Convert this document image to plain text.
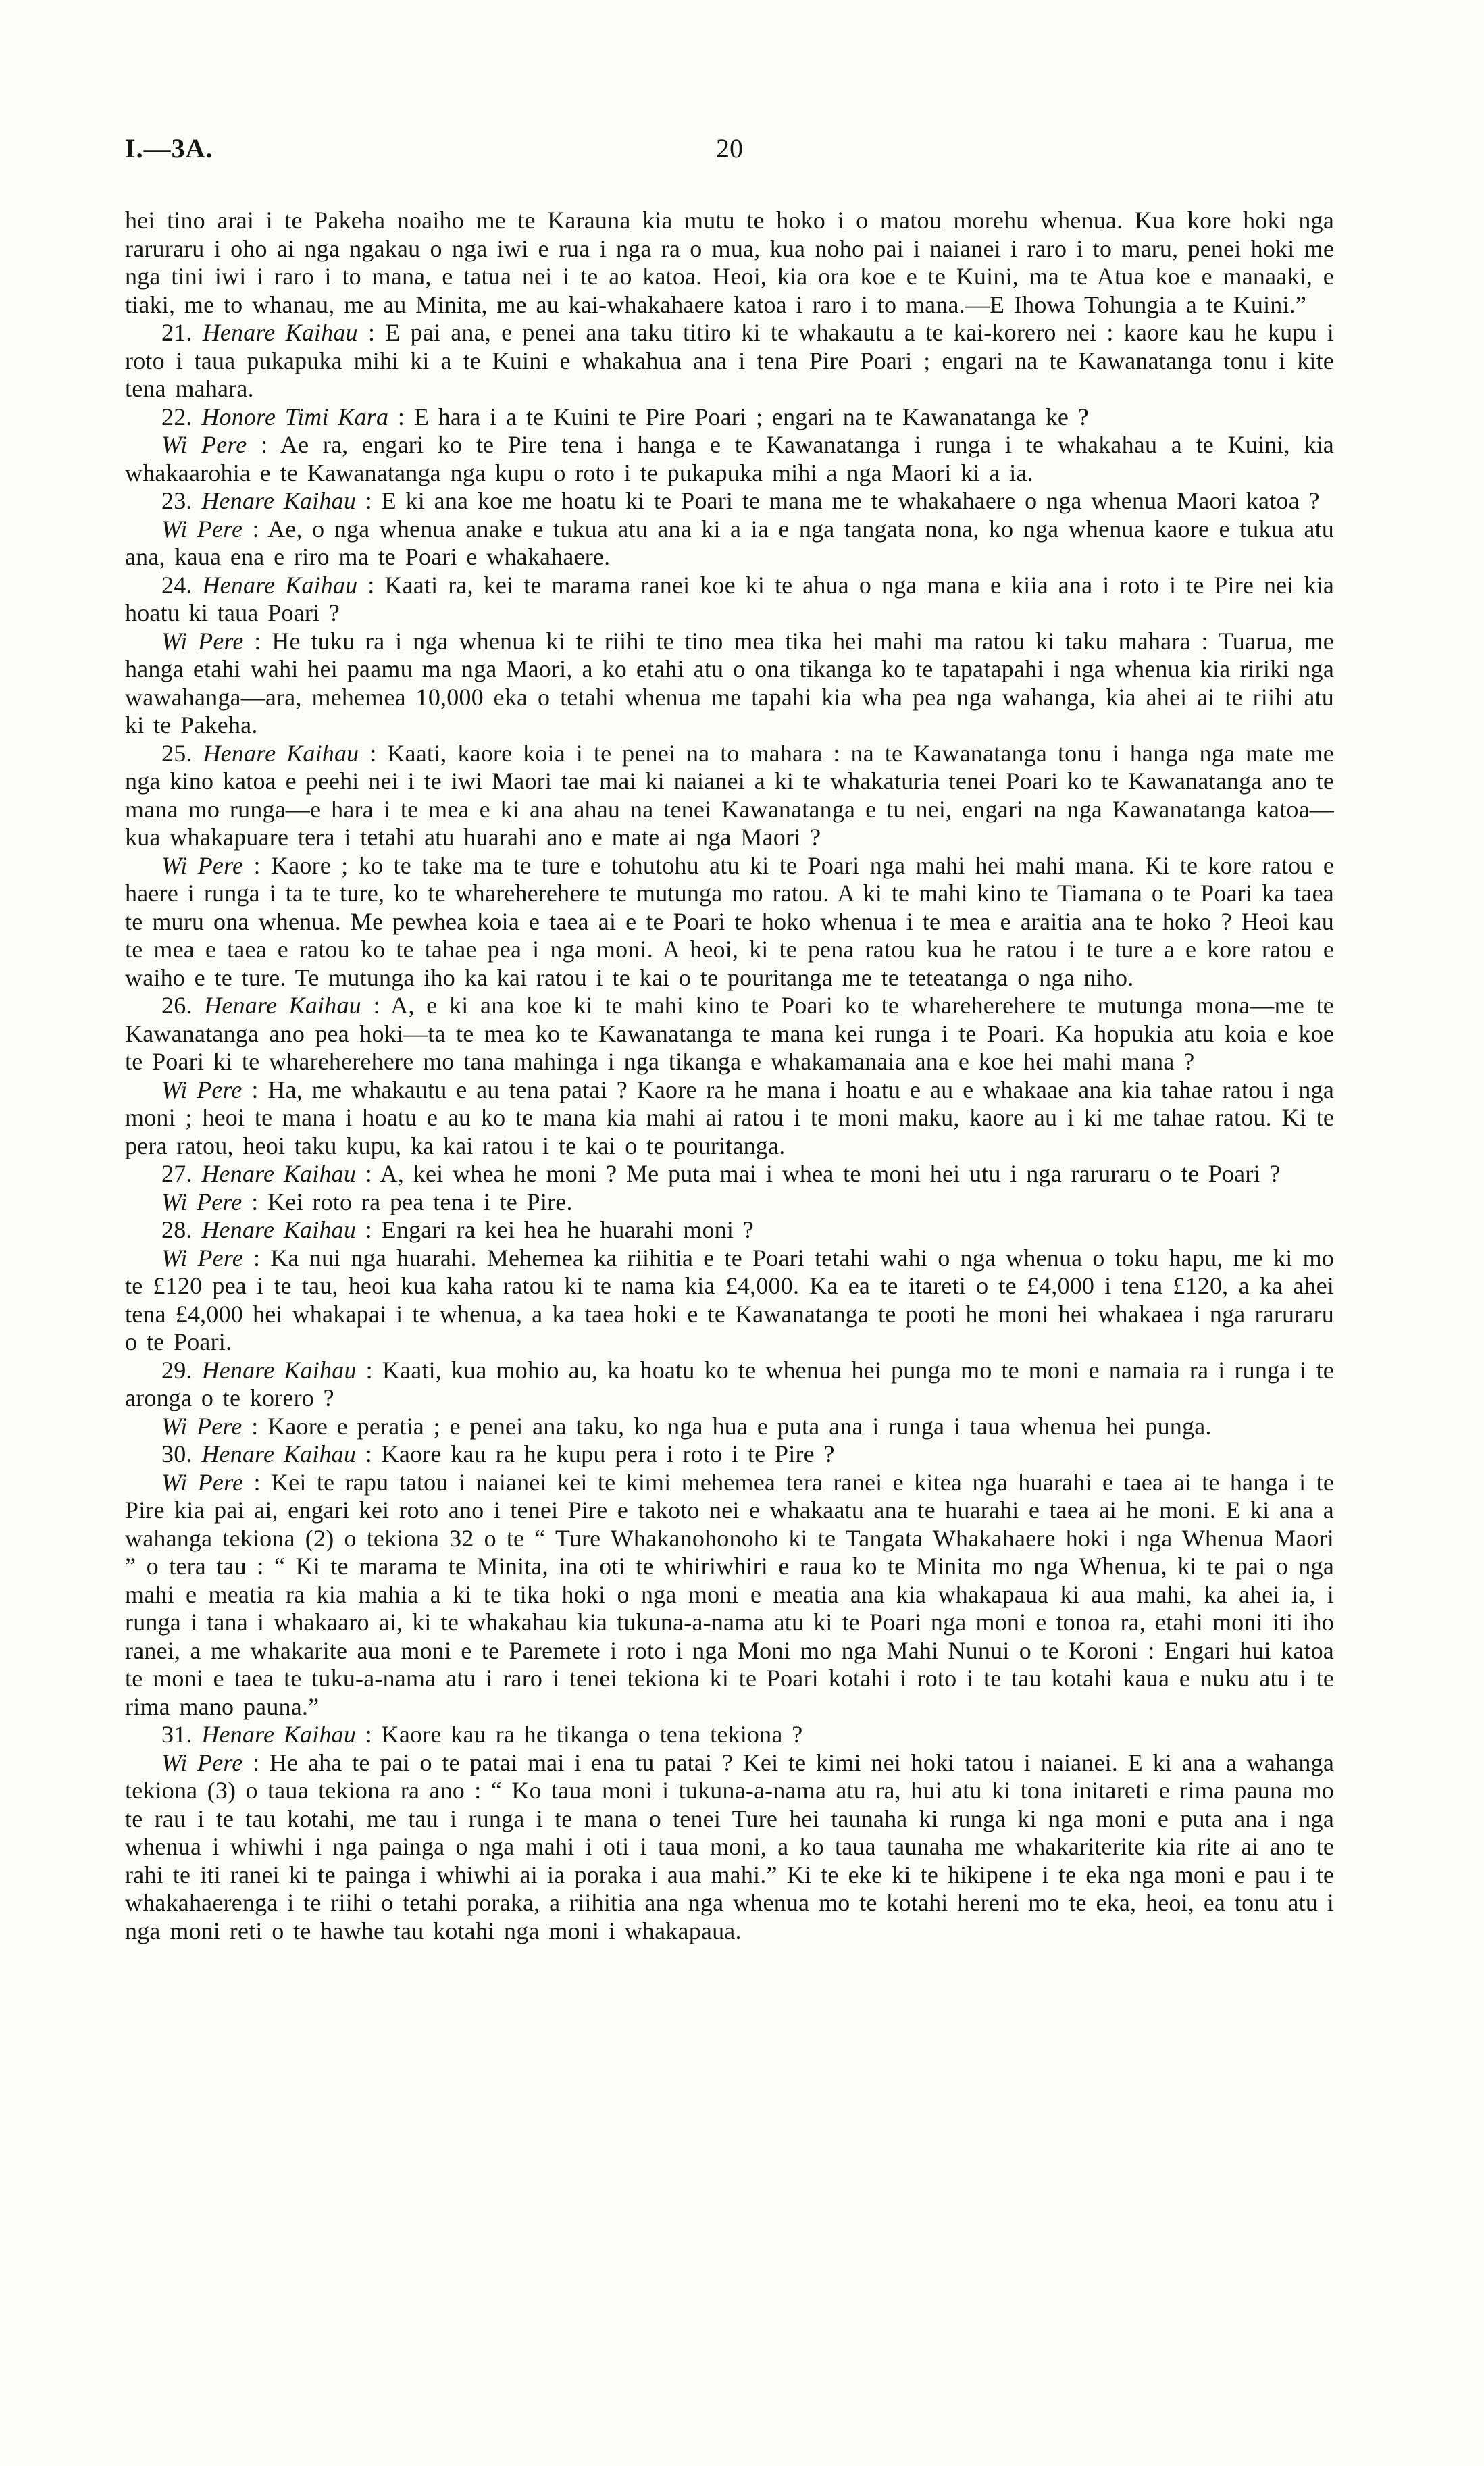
I.—3A.	20

hei tino arai i te Pakeha noaiho me te Karauna kia mutu te hoko i o matou morehu whenua. Kua kore hoki nga raruraru i oho ai nga ngakau o nga iwi e rua i nga ra o mua, kua noho pai i naianei i raro i to maru, penei hoki me nga tini iwi i raro i to mana, e tatua nei i te ao katoa. Heoi, kia ora koe e te Kuini, ma te Atua koe e manaaki, e tiaki, me to whanau, me au Minita, me au kai-whakahaere katoa i raro i to mana.—E Ihowa Tohungia a te Kuini.”

21. Henare Kaihau : E pai ana, e penei ana taku titiro ki te whakautu a te kai-korero nei : kaore kau he kupu i roto i taua pukapuka mihi ki a te Kuini e whakahua ana i tena Pire Poari ; engari na te Kawanatanga tonu i kite tena mahara.

22. Honore Timi Kara : E hara i a te Kuini te Pire Poari ; engari na te Kawanatanga ke ?

Wi Pere : Ae ra, engari ko te Pire tena i hanga e te Kawanatanga i runga i te whakahau a te Kuini, kia whakaarohia e te Kawanatanga nga kupu o roto i te pukapuka mihi a nga Maori ki a ia.

23. Henare Kaihau : E ki ana koe me hoatu ki te Poari te mana me te whakahaere o nga whenua Maori katoa ?

Wi Pere : Ae, o nga whenua anake e tukua atu ana ki a ia e nga tangata nona, ko nga whenua kaore e tukua atu ana, kaua ena e riro ma te Poari e whakahaere.

24. Henare Kaihau : Kaati ra, kei te marama ranei koe ki te ahua o nga mana e kiia ana i roto i te Pire nei kia hoatu ki taua Poari ?

Wi Pere : He tuku ra i nga whenua ki te riihi te tino mea tika hei mahi ma ratou ki taku mahara : Tuarua, me hanga etahi wahi hei paamu ma nga Maori, a ko etahi atu o ona tikanga ko te tapatapahi i nga whenua kia ririki nga wawahanga—ara, mehemea 10,000 eka o tetahi whenua me tapahi kia wha pea nga wahanga, kia ahei ai te riihi atu ki te Pakeha.

25. Henare Kaihau : Kaati, kaore koia i te penei na to mahara : na te Kawanatanga tonu i hanga nga mate me nga kino katoa e peehi nei i te iwi Maori tae mai ki naianei a ki te whakaturia tenei Poari ko te Kawanatanga ano te mana mo runga—e hara i te mea e ki ana ahau na tenei Kawanatanga e tu nei, engari na nga Kawanatanga katoa—kua whakapuare tera i tetahi atu huarahi ano e mate ai nga Maori ?

Wi Pere : Kaore ; ko te take ma te ture e tohutohu atu ki te Poari nga mahi hei mahi mana. Ki te kore ratou e haere i runga i ta te ture, ko te whareherehere te mutunga mo ratou. A ki te mahi kino te Tiamana o te Poari ka taea te muru ona whenua. Me pewhea koia e taea ai e te Poari te hoko whenua i te mea e araitia ana te hoko ? Heoi kau te mea e taea e ratou ko te tahae pea i nga moni. A heoi, ki te pena ratou kua he ratou i te ture a e kore ratou e waiho e te ture. Te mutunga iho ka kai ratou i te kai o te pouritanga me te teteatanga o nga niho.

26. Henare Kaihau : A, e ki ana koe ki te mahi kino te Poari ko te whareherehere te mutunga mona—me te Kawanatanga ano pea hoki—ta te mea ko te Kawanatanga te mana kei runga i te Poari. Ka hopukia atu koia e koe te Poari ki te whareherehere mo tana mahinga i nga tikanga e whakamanaia ana e koe hei mahi mana ?

Wi Pere : Ha, me whakautu e au tena patai ? Kaore ra he mana i hoatu e au e whakaae ana kia tahae ratou i nga moni ; heoi te mana i hoatu e au ko te mana kia mahi ai ratou i te moni maku, kaore au i ki me tahae ratou. Ki te pera ratou, heoi taku kupu, ka kai ratou i te kai o te pouritanga.

27. Henare Kaihau : A, kei whea he moni ? Me puta mai i whea te moni hei utu i nga raruraru o te Poari ?

Wi Pere : Kei roto ra pea tena i te Pire.

28. Henare Kaihau : Engari ra kei hea he huarahi moni ?

Wi Pere : Ka nui nga huarahi. Mehemea ka riihitia e te Poari tetahi wahi o nga whenua o toku hapu, me ki mo te £120 pea i te tau, heoi kua kaha ratou ki te nama kia £4,000. Ka ea te itareti o te £4,000 i tena £120, a ka ahei tena £4,000 hei whakapai i te whenua, a ka taea hoki e te Kawanatanga te pooti he moni hei whakaea i nga raruraru o te Poari.

29. Henare Kaihau : Kaati, kua mohio au, ka hoatu ko te whenua hei punga mo te moni e namaia ra i runga i te aronga o te korero ?

Wi Pere : Kaore e peratia ; e penei ana taku, ko nga hua e puta ana i runga i taua whenua hei punga.

30. Henare Kaihau : Kaore kau ra he kupu pera i roto i te Pire ?

Wi Pere : Kei te rapu tatou i naianei kei te kimi mehemea tera ranei e kitea nga huarahi e taea ai te hanga i te Pire kia pai ai, engari kei roto ano i tenei Pire e takoto nei e whakaatu ana te huarahi e taea ai he moni. E ki ana a wahanga tekiona (2) o tekiona 32 o te “ Ture Whakanohonoho ki te Tangata Whakahaere hoki i nga Whenua Maori ” o tera tau : “ Ki te marama te Minita, ina oti te whiriwhiri e raua ko te Minita mo nga Whenua, ki te pai o nga mahi e meatia ra kia mahia a ki te tika hoki o nga moni e meatia ana kia whakapaua ki aua mahi, ka ahei ia, i runga i tana i whakaaro ai, ki te whakahau kia tukuna-a-nama atu ki te Poari nga moni e tonoa ra, etahi moni iti iho ranei, a me whakarite aua moni e te Paremete i roto i nga Moni mo nga Mahi Nunui o te Koroni : Engari hui katoa te moni e taea te tuku-a-nama atu i raro i tenei tekiona ki te Poari kotahi i roto i te tau kotahi kaua e nuku atu i te rima mano pauna.”

31. Henare Kaihau : Kaore kau ra he tikanga o tena tekiona ?

Wi Pere : He aha te pai o te patai mai i ena tu patai ? Kei te kimi nei hoki tatou i naianei. E ki ana a wahanga tekiona (3) o taua tekiona ra ano : “ Ko taua moni i tukuna-a-nama atu ra, hui atu ki tona initareti e rima pauna mo te rau i te tau kotahi, me tau i runga i te mana o tenei Ture hei taunaha ki runga ki nga moni e puta ana i nga whenua i whiwhi i nga painga o nga mahi i oti i taua moni, a ko taua taunaha me whakariterite kia rite ai ano te rahi te iti ranei ki te painga i whiwhi ai ia poraka i aua mahi.” Ki te eke ki te hikipene i te eka nga moni e pau i te whakahaerenga i te riihi o tetahi poraka, a riihitia ana nga whenua mo te kotahi hereni mo te eka, heoi, ea tonu atu i nga moni reti o te hawhe tau kotahi nga moni i whakapaua.
